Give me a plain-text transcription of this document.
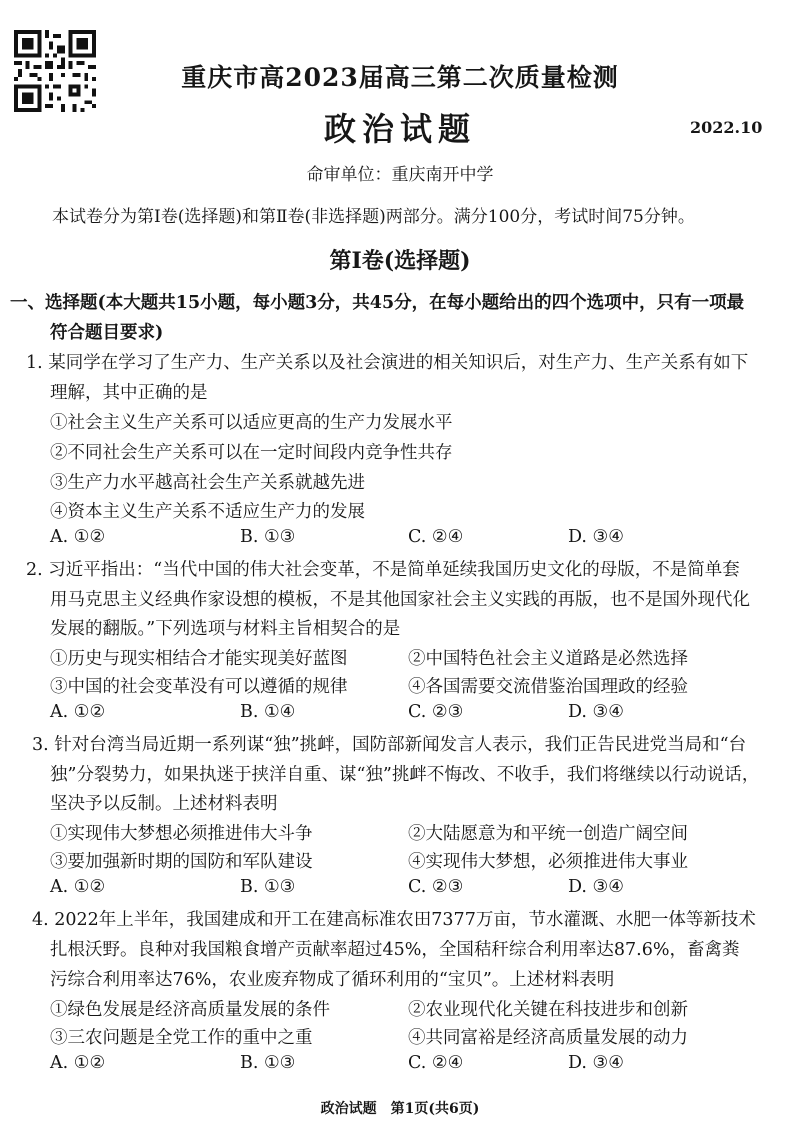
重庆市高2023届高三第二次质量检测
政治试题	2022.10
命审单位：重庆南开中学
本试卷分为第Ⅰ卷(选择题)和第Ⅱ卷(非选择题)两部分。满分100分，考试时间75分钟。
第Ⅰ卷(选择题)
一、选择题(本大题共15小题，每小题3分，共45分，在每小题给出的四个选项中，只有一项最
符合题目要求)
1. 某同学在学习了生产力、生产关系以及社会演进的相关知识后，对生产力、生产关系有如下
理解，其中正确的是
①社会主义生产关系可以适应更高的生产力发展水平
②不同社会生产关系可以在一定时间段内竞争性共存
③生产力水平越高社会生产关系就越先进
④资本主义生产关系不适应生产力的发展
A. ①②	B. ①③	C. ②④	D. ③④
2. 习近平指出：“当代中国的伟大社会变革，不是简单延续我国历史文化的母版，不是简单套
用马克思主义经典作家设想的模板，不是其他国家社会主义实践的再版，也不是国外现代化
发展的翻版。”下列选项与材料主旨相契合的是
①历史与现实相结合才能实现美好蓝图	②中国特色社会主义道路是必然选择
③中国的社会变革没有可以遵循的规律	④各国需要交流借鉴治国理政的经验
A. ①②	B. ①④	C. ②③	D. ③④
3. 针对台湾当局近期一系列谋“独”挑衅，国防部新闻发言人表示，我们正告民进党当局和“台
独”分裂势力，如果执迷于挟洋自重、谋“独”挑衅不悔改、不收手，我们将继续以行动说话，
坚决予以反制。上述材料表明
①实现伟大梦想必须推进伟大斗争	②大陆愿意为和平统一创造广阔空间
③要加强新时期的国防和军队建设	④实现伟大梦想，必须推进伟大事业
A. ①②	B. ①③	C. ②③	D. ③④
4. 2022年上半年，我国建成和开工在建高标准农田7377万亩，节水灌溉、水肥一体等新技术
扎根沃野。良种对我国粮食增产贡献率超过45%，全国秸秆综合利用率达87.6%，畜禽粪
污综合利用率达76%，农业废弃物成了循环利用的“宝贝”。上述材料表明
①绿色发展是经济高质量发展的条件	②农业现代化关键在科技进步和创新
③三农问题是全党工作的重中之重	④共同富裕是经济高质量发展的动力
A. ①②	B. ①③	C. ②④	D. ③④
政治试题　第1页(共6页)
